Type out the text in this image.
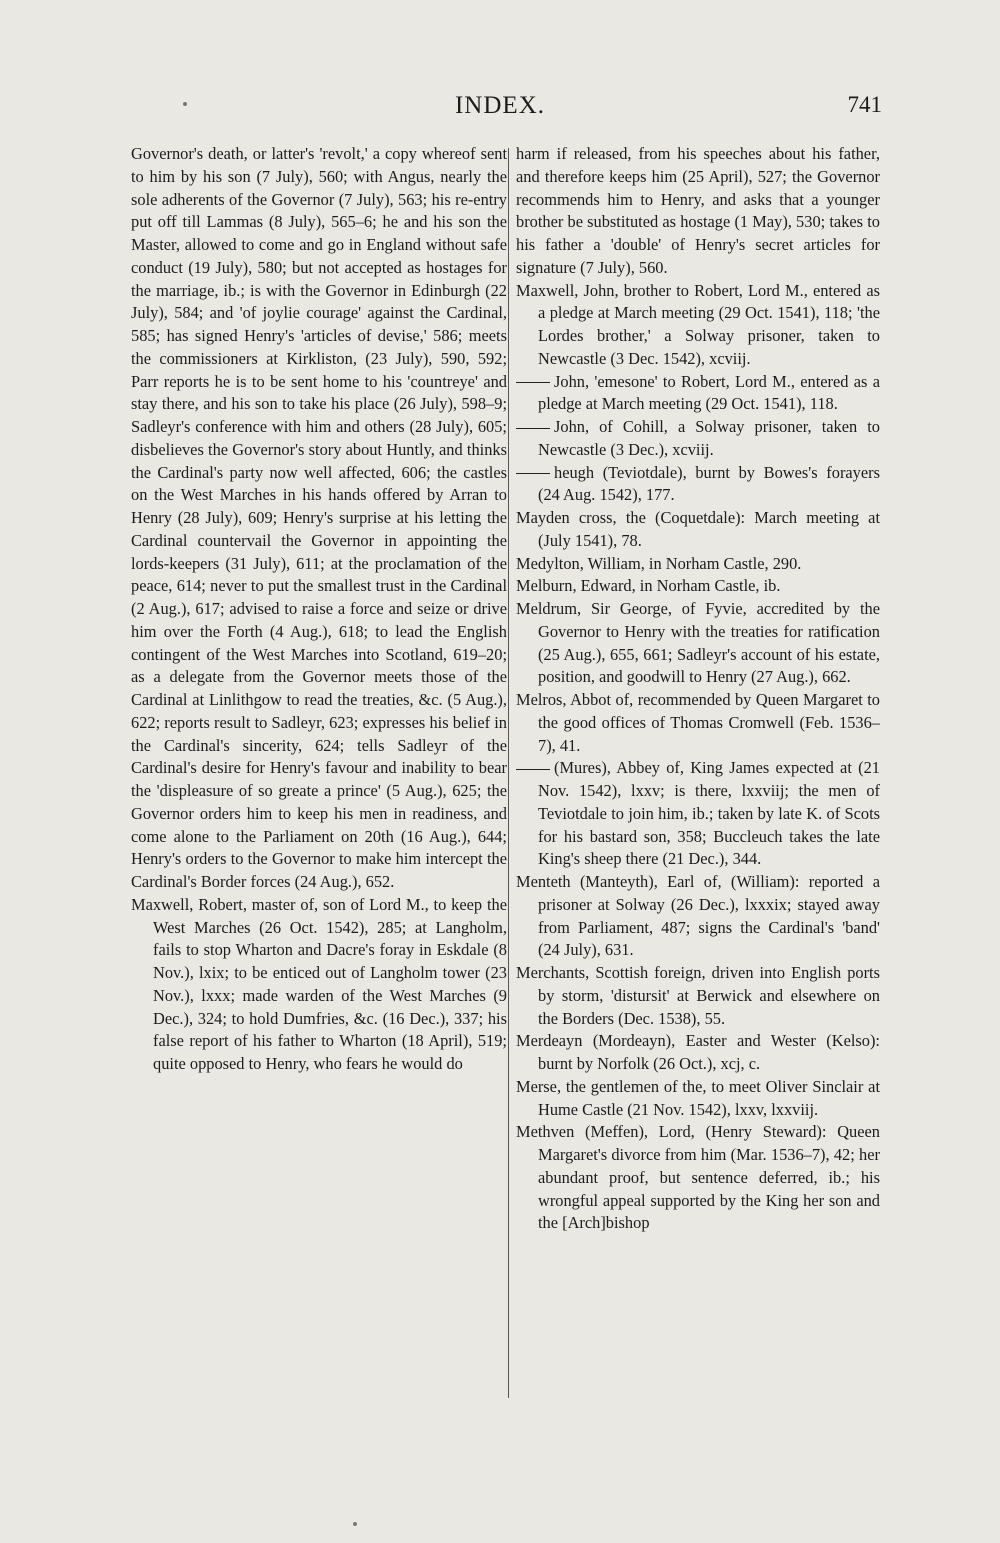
INDEX.	741

Governor's death, or latter's 'revolt,' a copy whereof sent to him by his son (7 July), 560; with Angus, nearly the sole adherents of the Governor (7 July), 563; his re-entry put off till Lammas (8 July), 565–6; he and his son the Master, allowed to come and go in England without safe conduct (19 July), 580; but not accepted as hostages for the marriage, ib.; is with the Governor in Edinburgh (22 July), 584; and 'of joylie courage' against the Cardinal, 585; has signed Henry's 'articles of devise,' 586; meets the commissioners at Kirkliston, (23 July), 590, 592; Parr reports he is to be sent home to his 'countreye' and stay there, and his son to take his place (26 July), 598–9; Sadleyr's conference with him and others (28 July), 605; disbelieves the Governor's story about Huntly, and thinks the Cardinal's party now well affected, 606; the castles on the West Marches in his hands offered by Arran to Henry (28 July), 609; Henry's surprise at his letting the Cardinal countervail the Governor in appointing the lords-keepers (31 July), 611; at the proclamation of the peace, 614; never to put the smallest trust in the Cardinal (2 Aug.), 617; advised to raise a force and seize or drive him over the Forth (4 Aug.), 618; to lead the English contingent of the West Marches into Scotland, 619–20; as a delegate from the Governor meets those of the Cardinal at Linlithgow to read the treaties, &c. (5 Aug.), 622; reports result to Sadleyr, 623; expresses his belief in the Cardinal's sincerity, 624; tells Sadleyr of the Cardinal's desire for Henry's favour and inability to bear the 'displeasure of so greate a prince' (5 Aug.), 625; the Governor orders him to keep his men in readiness, and come alone to the Parliament on 20th (16 Aug.), 644; Henry's orders to the Governor to make him intercept the Cardinal's Border forces (24 Aug.), 652.

Maxwell, Robert, master of, son of Lord M., to keep the West Marches (26 Oct. 1542), 285; at Langholm, fails to stop Wharton and Dacre's foray in Eskdale (8 Nov.), lxix; to be enticed out of Langholm tower (23 Nov.), lxxx; made warden of the West Marches (9 Dec.), 324; to hold Dumfries, &c. (16 Dec.), 337; his false report of his father to Wharton (18 April), 519; quite opposed to Henry, who fears he would do

harm if released, from his speeches about his father, and therefore keeps him (25 April), 527; the Governor recommends him to Henry, and asks that a younger brother be substituted as hostage (1 May), 530; takes to his father a 'double' of Henry's secret articles for signature (7 July), 560.

Maxwell, John, brother to Robert, Lord M., entered as a pledge at March meeting (29 Oct. 1541), 118; 'the Lordes brother,' a Solway prisoner, taken to Newcastle (3 Dec. 1542), xcviij.

John, 'emesone' to Robert, Lord M., entered as a pledge at March meeting (29 Oct. 1541), 118.

John, of Cohill, a Solway prisoner, taken to Newcastle (3 Dec.), xcviij.

heugh (Teviotdale), burnt by Bowes's forayers (24 Aug. 1542), 177.

Mayden cross, the (Coquetdale): March meeting at (July 1541), 78.

Medylton, William, in Norham Castle, 290.

Melburn, Edward, in Norham Castle, ib.

Meldrum, Sir George, of Fyvie, accredited by the Governor to Henry with the treaties for ratification (25 Aug.), 655, 661; Sadleyr's account of his estate, position, and goodwill to Henry (27 Aug.), 662.

Melros, Abbot of, recommended by Queen Margaret to the good offices of Thomas Cromwell (Feb. 1536–7), 41.

(Mures), Abbey of, King James expected at (21 Nov. 1542), lxxv; is there, lxxviij; the men of Teviotdale to join him, ib.; taken by late K. of Scots for his bastard son, 358; Buccleuch takes the late King's sheep there (21 Dec.), 344.

Menteth (Manteyth), Earl of, (William): reported a prisoner at Solway (26 Dec.), lxxxix; stayed away from Parliament, 487; signs the Cardinal's 'band' (24 July), 631.

Merchants, Scottish foreign, driven into English ports by storm, 'distursit' at Berwick and elsewhere on the Borders (Dec. 1538), 55.

Merdeayn (Mordeayn), Easter and Wester (Kelso): burnt by Norfolk (26 Oct.), xcj, c.

Merse, the gentlemen of the, to meet Oliver Sinclair at Hume Castle (21 Nov. 1542), lxxv, lxxviij.

Methven (Meffen), Lord, (Henry Steward): Queen Margaret's divorce from him (Mar. 1536–7), 42; her abundant proof, but sentence deferred, ib.; his wrongful appeal supported by the King her son and the [Arch]bishop
